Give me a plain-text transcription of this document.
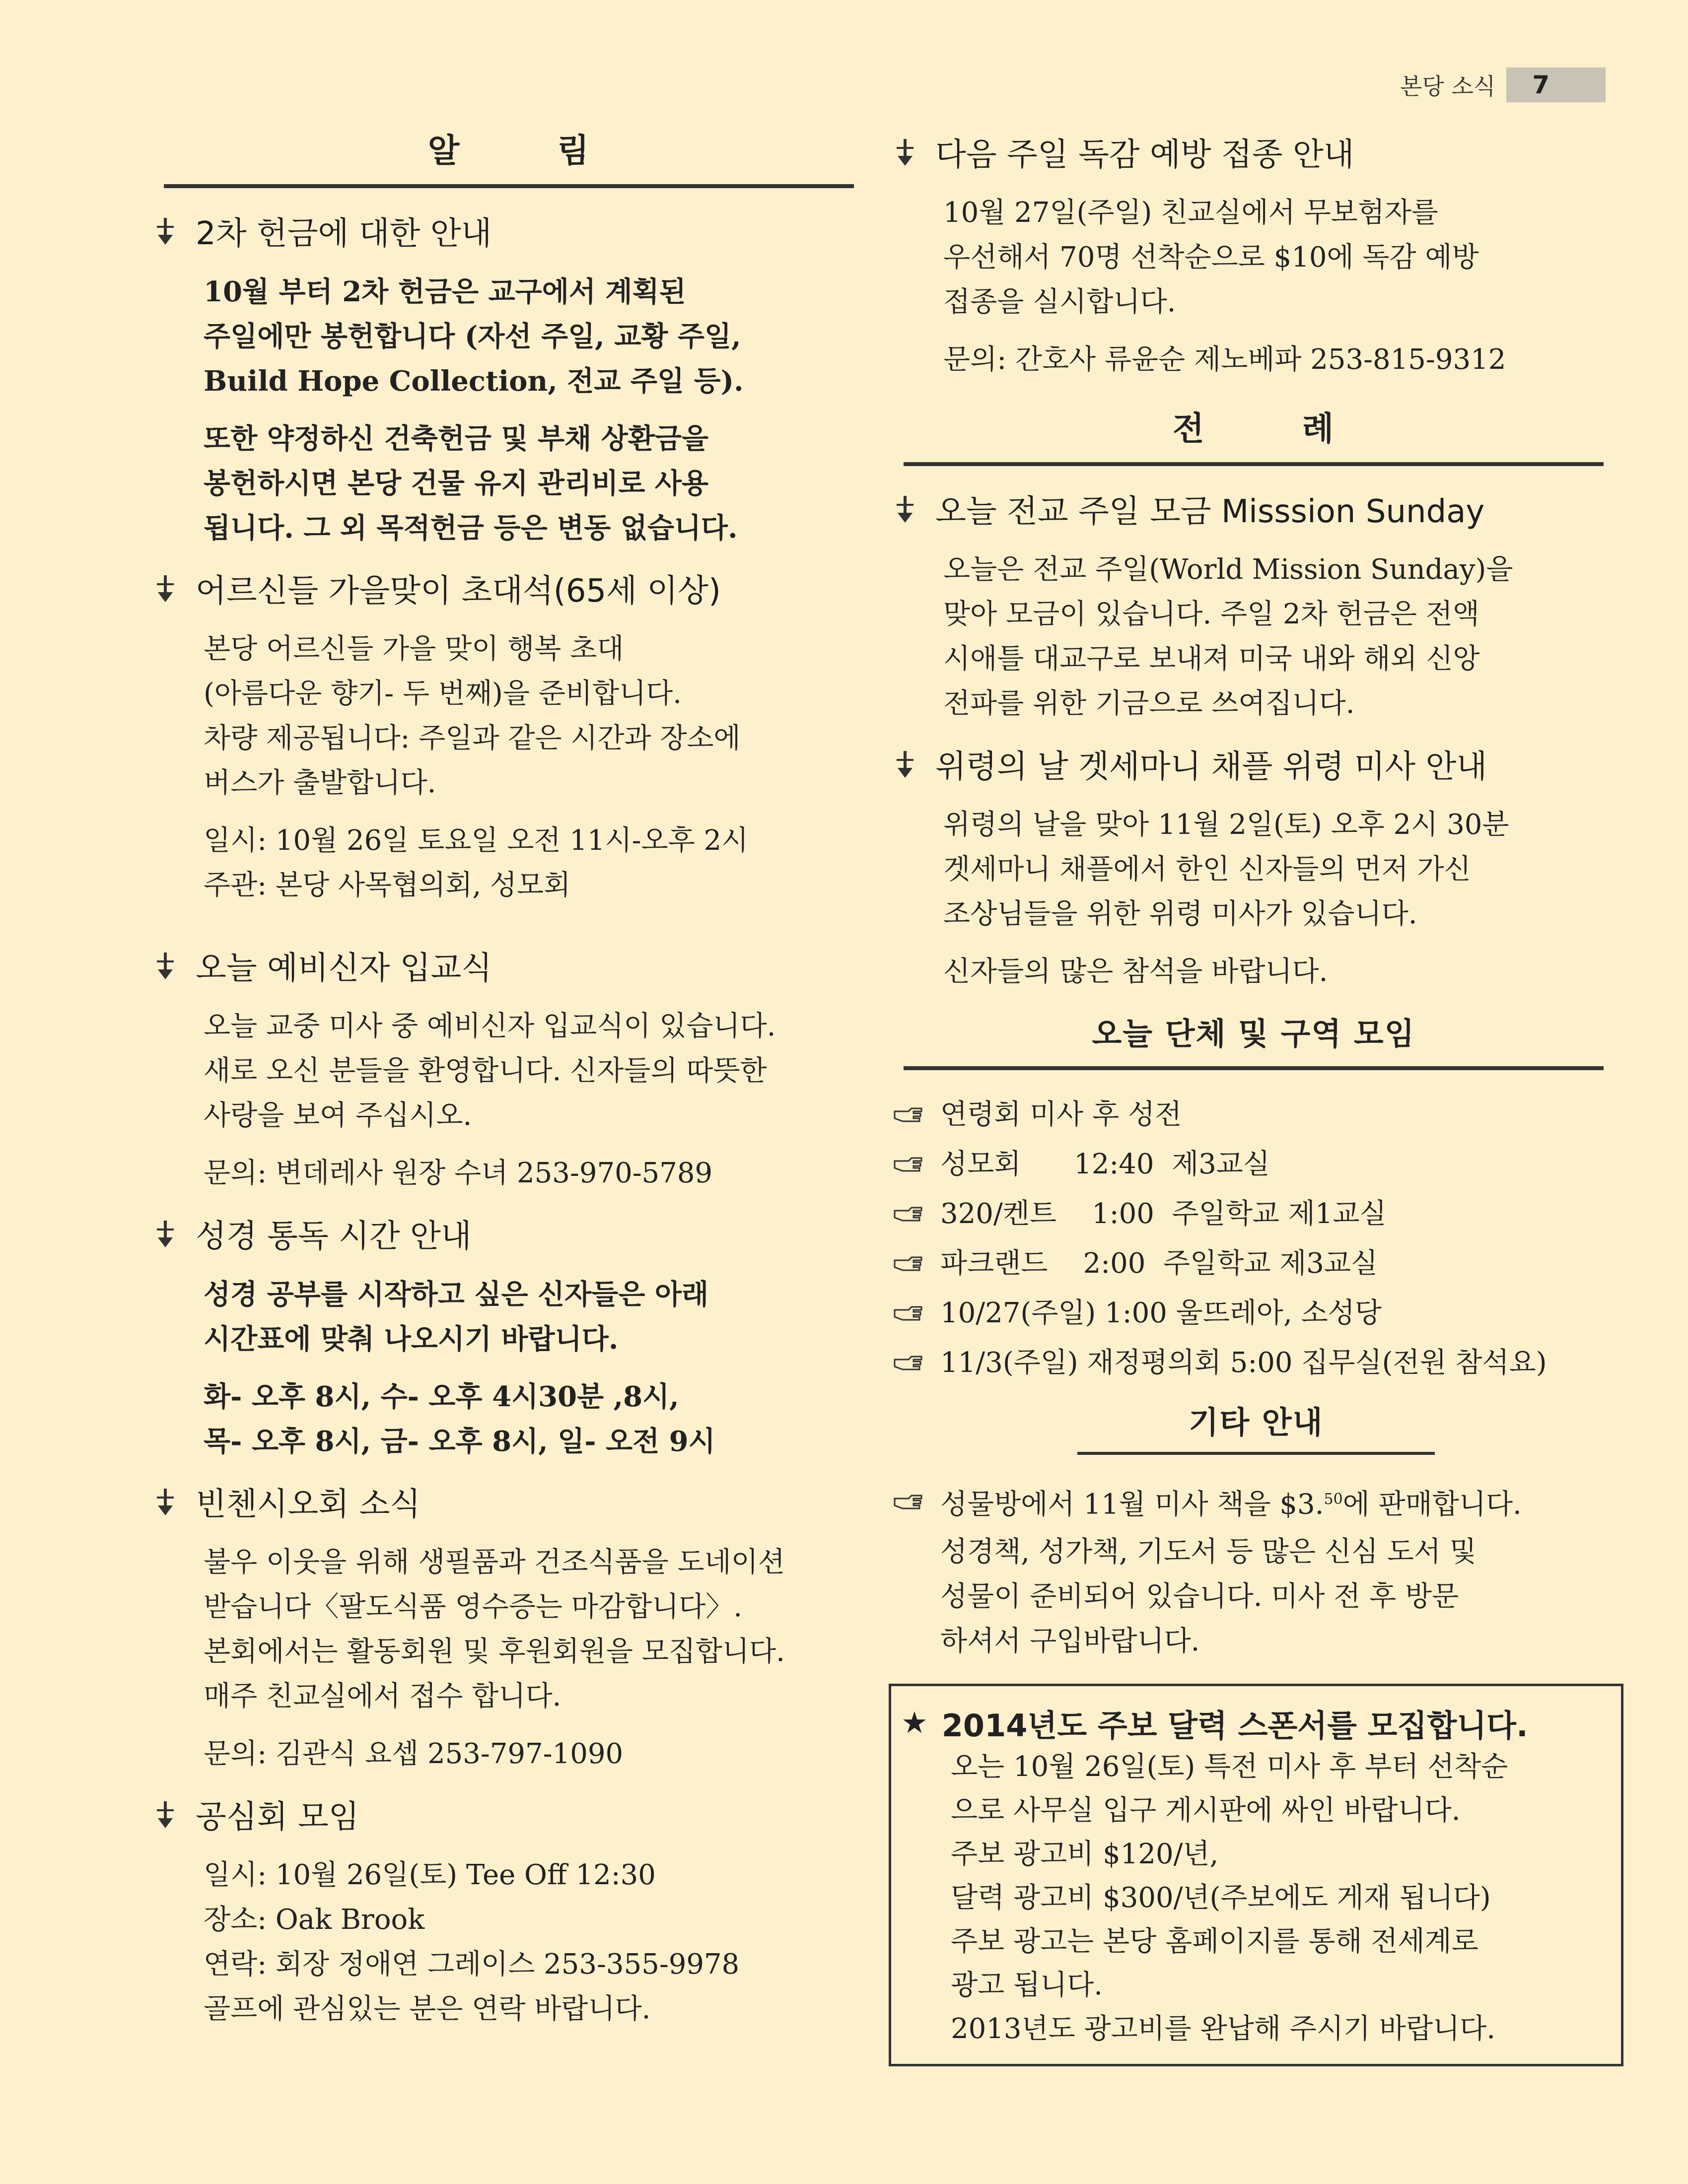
본당 소식	7
알 림
2차 헌금에 대한 안내

10월 부터 2차 헌금은 교구에서 계획된
주일에만 봉헌합니다 (자선 주일, 교황 주일,
Build Hope Collection, 전교 주일 등).

또한 약정하신 건축헌금 및 부채 상환금을
봉헌하시면 본당 건물 유지 관리비로 사용
됩니다. 그 외 목적헌금 등은 변동 없습니다.

어르신들 가을맞이 초대석(65세 이상)

본당 어르신들 가을 맞이 행복 초대
(아름다운 향기- 두 번째)을 준비합니다.
차량 제공됩니다: 주일과 같은 시간과 장소에
버스가 출발합니다.

일시: 10월 26일 토요일 오전 11시-오후 2시
주관: 본당 사목협의회, 성모회

오늘 예비신자 입교식

오늘 교중 미사 중 예비신자 입교식이 있습니다.
새로 오신 분들을 환영합니다. 신자들의 따뜻한
사랑을 보여 주십시오.

문의: 변데레사 원장 수녀 253-970-5789

성경 통독 시간 안내

성경 공부를 시작하고 싶은 신자들은 아래
시간표에 맞춰 나오시기 바랍니다.

화- 오후 8시, 수- 오후 4시30분 ,8시,
목- 오후 8시, 금- 오후 8시, 일- 오전 9시

빈첸시오회 소식

불우 이웃을 위해 생필품과 건조식품을 도네이션
받습니다〈팔도식품 영수증는 마감합니다〉.
본회에서는 활동회원 및 후원회원을 모집합니다.
매주 친교실에서 접수 합니다.

문의: 김관식 요셉 253-797-1090

공심회 모임

일시: 10월 26일(토) Tee Off 12:30
장소: Oak Brook
연락: 회장 정애연 그레이스 253-355-9978
골프에 관심있는 분은 연락 바랍니다.

다음 주일 독감 예방 접종 안내

10월 27일(주일) 친교실에서 무보험자를
우선해서 70명 선착순으로 $10에 독감 예방
접종을 실시합니다.

문의: 간호사 류윤순 제노베파 253-815-9312

전 례
오늘 전교 주일 모금 Misssion Sunday

오늘은 전교 주일(World Mission Sunday)을
맞아 모금이 있습니다. 주일 2차 헌금은 전액
시애틀 대교구로 보내져 미국 내와 해외 신앙
전파를 위한 기금으로 쓰여집니다.

위령의 날 겟세마니 채플 위령 미사 안내

위령의 날을 맞아 11월 2일(토) 오후 2시 30분
겟세마니 채플에서 한인 신자들의 먼저 가신
조상님들을 위한 위령 미사가 있습니다.

신자들의 많은 참석을 바랍니다.

오늘 단체 및 구역 모임
연령회 미사 후 성전
성모회      12:40  제3교실
320/켄트    1:00  주일학교 제1교실
파크랜드    2:00  주일학교 제3교실
10/27(주일) 1:00 울뜨레아, 소성당
11/3(주일) 재정평의회 5:00 집무실(전원 참석요)
기타 안내
성물방에서 11월 미사 책을 $3.50에 판매합니다.
성경책, 성가책, 기도서 등 많은 신심 도서 및
성물이 준비되어 있습니다. 미사 전 후 방문
하셔서 구입바랍니다.
★ 2014년도 주보 달력 스폰서를 모집합니다.
오는 10월 26일(토) 특전 미사 후 부터 선착순
으로 사무실 입구 게시판에 싸인 바랍니다.
주보 광고비 $120/년,
달력 광고비 $300/년(주보에도 게재 됩니다)
주보 광고는 본당 홈페이지를 통해 전세계로
광고 됩니다.
2013년도 광고비를 완납해 주시기 바랍니다.
